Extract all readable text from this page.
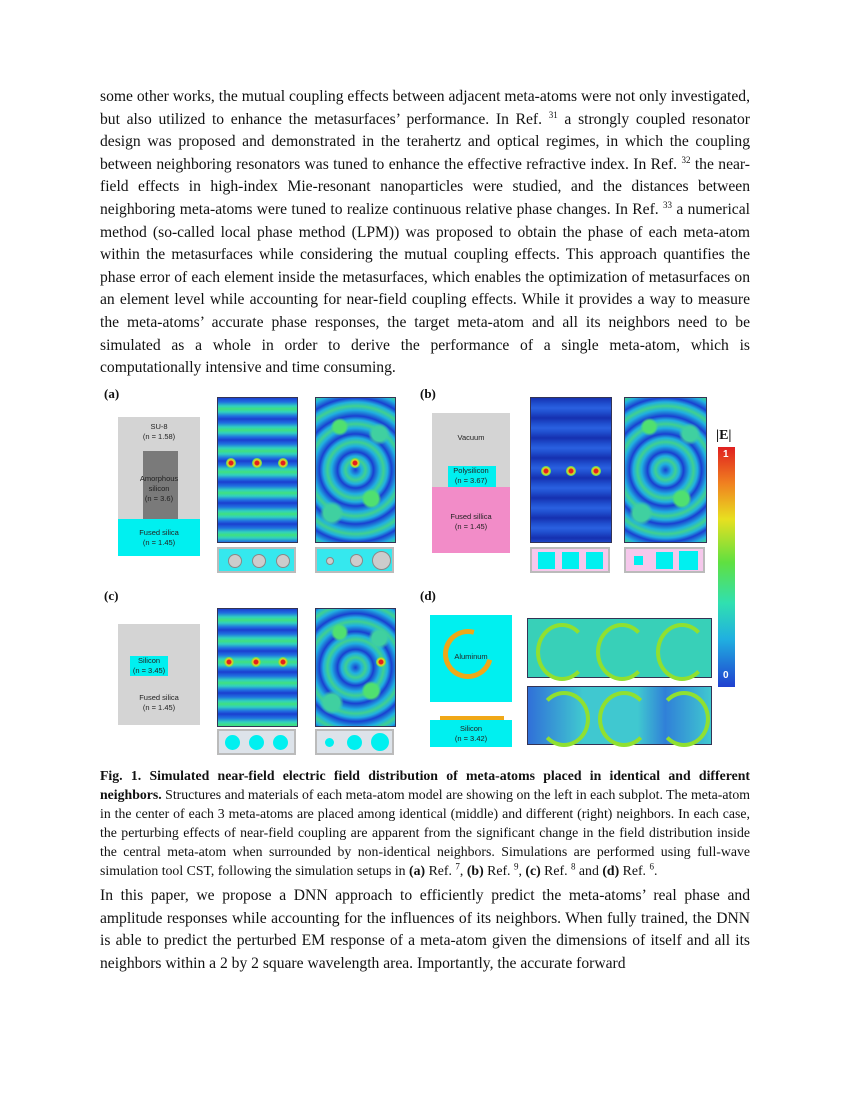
some other works, the mutual coupling effects between adjacent meta-atoms were not only investigated, but also utilized to enhance the metasurfaces’ performance. In Ref. $^{31}$ a strongly coupled resonator design was proposed and demonstrated in the terahertz and optical regimes, in which the coupling between neighboring resonators was tuned to enhance the effective refractive index. In Ref. $^{32}$ the near-field effects in high-index Mie-resonant nanoparticles were studied, and the distances between neighboring meta-atoms were tuned to realize continuous relative phase changes. In Ref. $^{33}$ a numerical method (so-called local phase method (LPM)) was proposed to obtain the phase of each meta-atom within the metasurfaces while considering the mutual coupling effects. This approach quantifies the phase error of each element inside the metasurfaces, which enables the optimization of metasurfaces on an element level while accounting for near-field coupling effects. While it provides a way to measure the meta-atoms’ accurate phase responses, the target meta-atom and all its neighbors need to be simulated as a whole in order to derive the performance of a single meta-atom, which is computationally intensive and time consuming.

(a)
SU-8
(n = 1.58)
Amorphous
silicon
(n = 3.6)
Fused silica
(n = 1.45)
(b)
Vacuum
Polysilicon
(n = 3.67)
Fused sillica
(n = 1.45)
|E|
1
0
(c)
Silicon
(n = 3.45)
Fused silica
(n = 1.45)
(d)
Aluminum
Silicon
(n = 3.42)

Fig. 1. Simulated near-field electric field distribution of meta-atoms placed in identical and different neighbors. Structures and materials of each meta-atom model are showing on the left in each subplot. The meta-atom in the center of each 3 meta-atoms are placed among identical (middle) and different (right) neighbors. In each case, the perturbing effects of near-field coupling are apparent from the significant change in the field distribution inside the central meta-atom when surrounded by non-identical neighbors. Simulations are performed using full-wave simulation tool CST, following the simulation setups in (a) Ref. $^7$, (b) Ref. $^9$, (c) Ref. $^8$ and (d) Ref. $^6$.

In this paper, we propose a DNN approach to efficiently predict the meta-atoms’ real phase and amplitude responses while accounting for the influences of its neighbors. When fully trained, the DNN is able to predict the perturbed EM response of a meta-atom given the dimensions of itself and all its neighbors within a 2 by 2 square wavelength area. Importantly, the accurate forward
